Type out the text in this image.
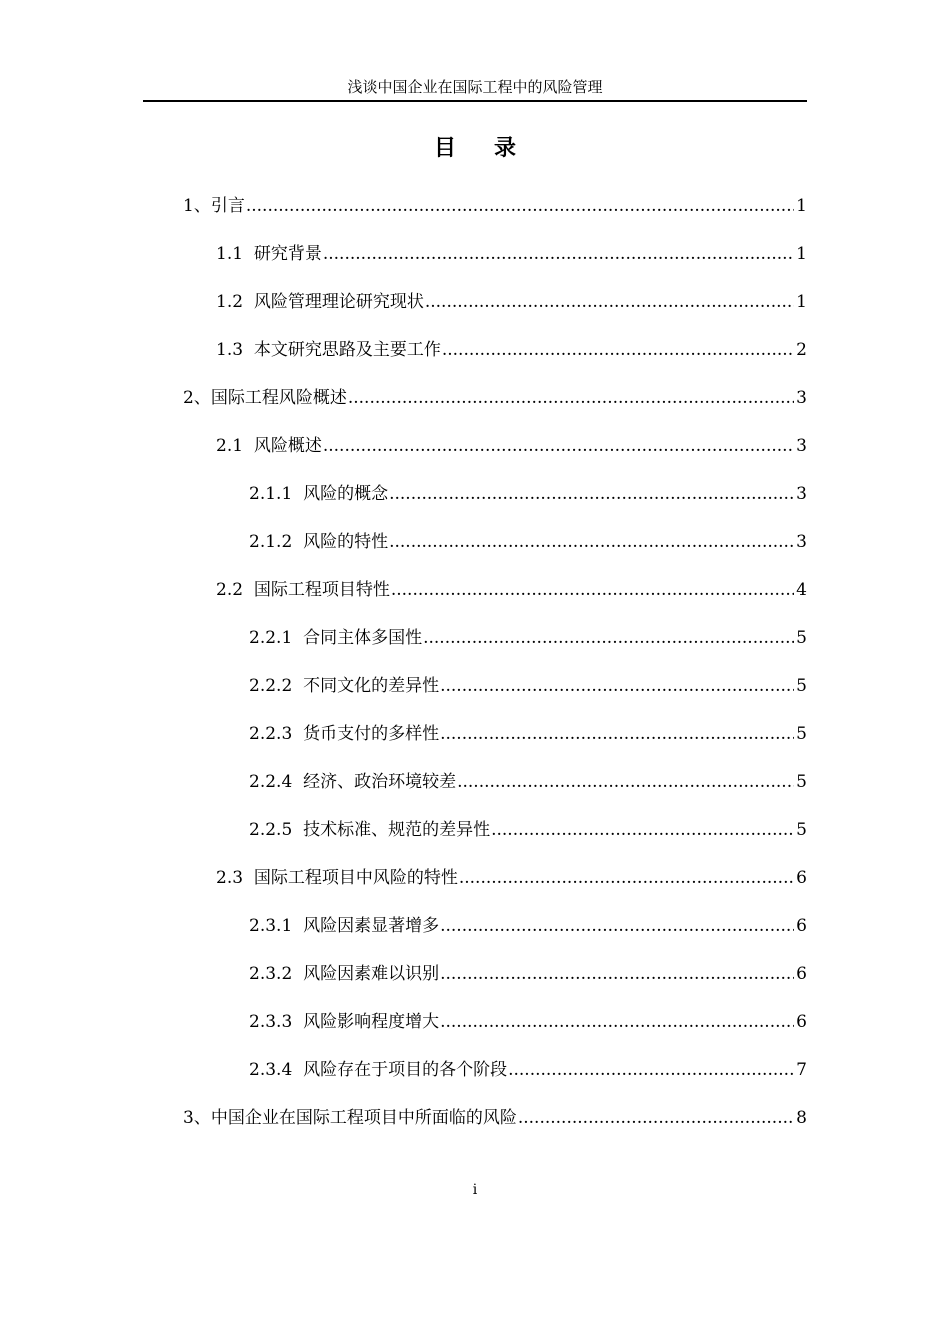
浅谈中国企业在国际工程中的风险管理
目录
1、 引言 .....	1
1.1 研究背景 .....	1
1.2 风险管理理论研究现状 .....	1
1.3 本文研究思路及主要工作 .....	2
2、 国际工程风险概述 .....	3
2.1 风险概述 .....	3
2.1.1 风险的概念 .....	3
2.1.2 风险的特性 .....	3
2.2 国际工程项目特性 .....	4
2.2.1 合同主体多国性 .....	5
2.2.2 不同文化的差异性 .....	5
2.2.3 货币支付的多样性 .....	5
2.2.4 经济、政治环境较差 .....	5
2.2.5 技术标准、规范的差异性 .....	5
2.3 国际工程项目中风险的特性 .....	6
2.3.1 风险因素显著增多 .....	6
2.3.2 风险因素难以识别 .....	6
2.3.3 风险影响程度增大 .....	6
2.3.4 风险存在于项目的各个阶段 .....	7
3、 中国企业在国际工程项目中所面临的风险 .....	8
i
